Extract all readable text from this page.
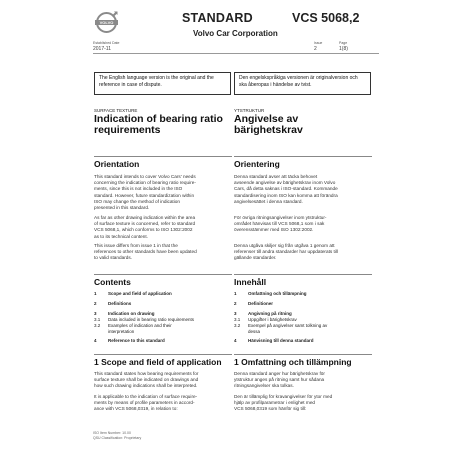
VOLVO	STANDARD	VCS 5068,2
Volvo Car Corporation
Established Date
2017-11
Issue
2
Page
1(8)
The English language version is the original and the reference in case of dispute.
Den engelskspråkiga versionen är originalversion och ska åberopas i händelse av tvist.
SURFACE TEXTURE
Indication of bearing ratio
requirements
Orientation
This standard intends to cover Volvo Cars' needs
concerning the indication of bearing ratio require-
ments, since this is not included in the ISO
standard. However, future standardization within
ISO may change the method of indication
presented in this standard.
As far as other drawing indication within the area
of surface texture is concerned, refer to standard
VCS 5068,1, which conforms to ISO 1302:2002
as to its technical content.
This issue differs from issue 1 in that the
references to other standards have been updated
to valid standards.
Contents
1	Scope and field of application
2	Definitions
3	Indication on drawing
3.1	Data included in bearing ratio requirements
3.2	Examples of indication and their
interpretation
4	Reference to this standard
1 Scope and field of application
This standard states how bearing requirements for
surface texture shall be indicated on drawings and
how such drawing indications shall be interpreted.
It is applicable to the indication of surface require-
ments by means of profile parameters in accord-
ance with VCS 5068,0319, in relation to:
YTSTRUKTUR
Angivelse av
bärighetskrav
Orientering
Denna standard avser att täcka behovet
avseende angivelse av bärighetskrav inom Volvo
Cars, då detta saknas i ISO-standard. Kommande
standardisering inom ISO kan komma att förändra
angivelsesättet i denna standard.
För övriga ritningsangivelser inom ytstruktur-
området hänvisas till VCS 5068,1 som i sak
överensstämmer med ISO 1302:2002.
Denna utgåva skiljer sig från utgåva 1 genom att
referenser till andra standarder har uppdaterats till
gällande standarder.
Innehåll
1	Omfattning och tillämpning
2	Definitioner
3	Angivning på ritning
3.1	Uppgifter i bärighetskrav
3.2	Exempel på angivelser samt tolkning av
dessa
4	Hänvisning till denna standard
1 Omfattning och tillämpning
Denna standard anger hur bärighetskrav för
ytstruktur anges på ritning samt hur sådana
ritningsangivelser ska tolkas.
Den är tillämplig för kravangivelser för ytor med
hjälp av profilparametrar i enlighet med
VCS 5068,0319 som hänför sig till:
ISO Item Number: 10.00
QSU Classification: Proprietary
